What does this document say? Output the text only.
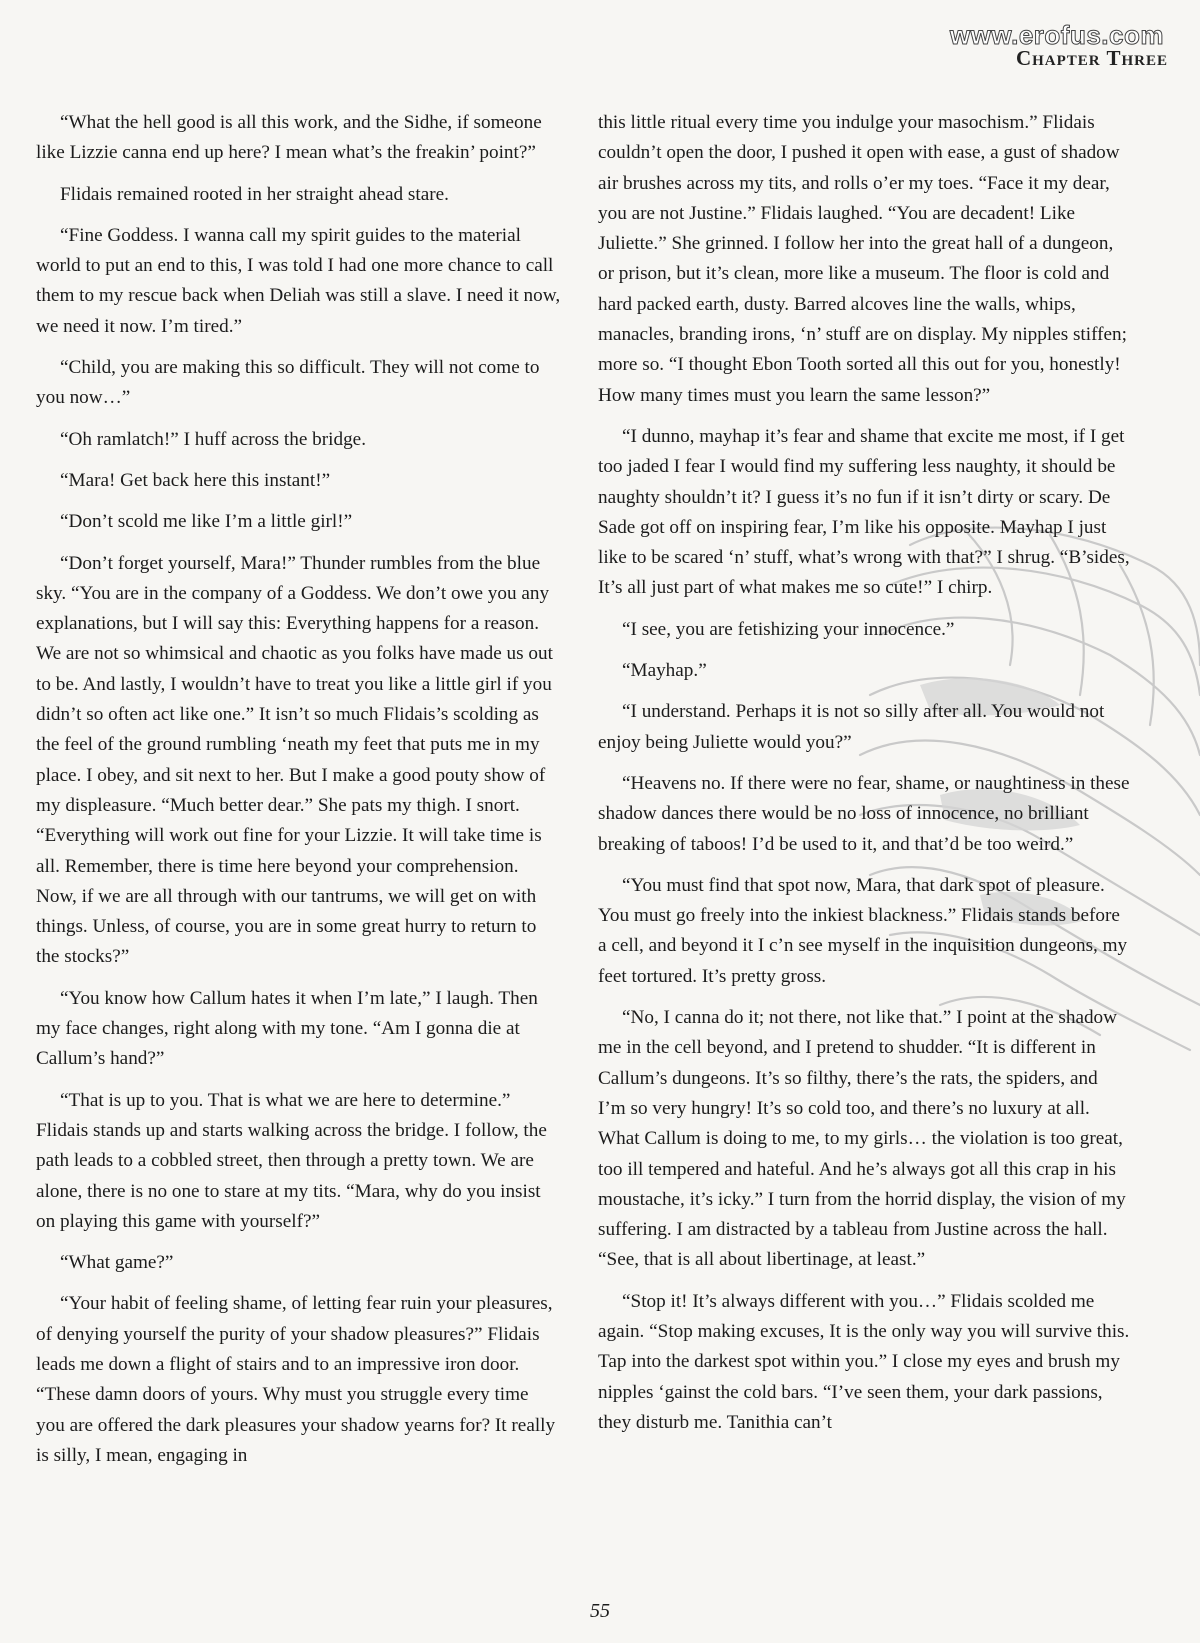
www.erofus.com
Chapter Three

“What the hell good is all this work, and the Sidhe, if someone like Lizzie canna end up here? I mean what’s the freakin’ point?”

Flidais remained rooted in her straight ahead stare.

“Fine Goddess. I wanna call my spirit guides to the material world to put an end to this, I was told I had one more chance to call them to my rescue back when Deliah was still a slave. I need it now, we need it now. I’m tired.”

“Child, you are making this so difficult. They will not come to you now…”

“Oh ramlatch!” I huff across the bridge.

“Mara! Get back here this instant!”

“Don’t scold me like I’m a little girl!”

“Don’t forget yourself, Mara!” Thunder rumbles from the blue sky. “You are in the company of a Goddess. We don’t owe you any explanations, but I will say this: Everything happens for a reason. We are not so whimsical and chaotic as you folks have made us out to be. And lastly, I wouldn’t have to treat you like a little girl if you didn’t so often act like one.” It isn’t so much Flidais’s scolding as the feel of the ground rumbling ‘neath my feet that puts me in my place. I obey, and sit next to her. But I make a good pouty show of my displeasure. “Much better dear.” She pats my thigh. I snort. “Everything will work out fine for your Lizzie. It will take time is all. Remember, there is time here beyond your comprehension. Now, if we are all through with our tantrums, we will get on with things. Unless, of course, you are in some great hurry to return to the stocks?”

“You know how Callum hates it when I’m late,” I laugh. Then my face changes, right along with my tone. “Am I gonna die at Callum’s hand?”

“That is up to you. That is what we are here to determine.” Flidais stands up and starts walking across the bridge. I follow, the path leads to a cobbled street, then through a pretty town. We are alone, there is no one to stare at my tits. “Mara, why do you insist on playing this game with yourself?”

“What game?”

“Your habit of feeling shame, of letting fear ruin your pleasures, of denying yourself the purity of your shadow pleasures?” Flidais leads me down a flight of stairs and to an impressive iron door. “These damn doors of yours. Why must you struggle every time you are offered the dark pleasures your shadow yearns for? It really is silly, I mean, engaging in

this little ritual every time you indulge your masochism.” Flidais couldn’t open the door, I pushed it open with ease, a gust of shadow air brushes across my tits, and rolls o’er my toes. “Face it my dear, you are not Justine.” Flidais laughed. “You are decadent! Like Juliette.” She grinned. I follow her into the great hall of a dungeon, or prison, but it’s clean, more like a museum. The floor is cold and hard packed earth, dusty. Barred alcoves line the walls, whips, manacles, branding irons, ‘n’ stuff are on display. My nipples stiffen; more so. “I thought Ebon Tooth sorted all this out for you, honestly! How many times must you learn the same lesson?”

“I dunno, mayhap it’s fear and shame that excite me most, if I get too jaded I fear I would find my suffering less naughty, it should be naughty shouldn’t it? I guess it’s no fun if it isn’t dirty or scary. De Sade got off on inspiring fear, I’m like his opposite. Mayhap I just like to be scared ‘n’ stuff, what’s wrong with that?” I shrug. “B’sides, It’s all just part of what makes me so cute!” I chirp.

“I see, you are fetishizing your innocence.”

“Mayhap.”

“I understand. Perhaps it is not so silly after all. You would not enjoy being Juliette would you?”

“Heavens no. If there were no fear, shame, or naughtiness in these shadow dances there would be no loss of innocence, no brilliant breaking of taboos! I’d be used to it, and that’d be too weird.”

“You must find that spot now, Mara, that dark spot of pleasure. You must go freely into the inkiest blackness.” Flidais stands before a cell, and beyond it I c’n see myself in the inquisition dungeons, my feet tortured. It’s pretty gross.

“No, I canna do it; not there, not like that.” I point at the shadow me in the cell beyond, and I pretend to shudder. “It is different in Callum’s dungeons. It’s so filthy, there’s the rats, the spiders, and I’m so very hungry! It’s so cold too, and there’s no luxury at all. What Callum is doing to me, to my girls… the violation is too great, too ill tempered and hateful. And he’s always got all this crap in his moustache, it’s icky.” I turn from the horrid display, the vision of my suffering. I am distracted by a tableau from Justine across the hall. “See, that is all about libertinage, at least.”

“Stop it! It’s always different with you…” Flidais scolded me again. “Stop making excuses, It is the only way you will survive this. Tap into the darkest spot within you.” I close my eyes and brush my nipples ‘gainst the cold bars. “I’ve seen them, your dark passions, they disturb me. Tanithia can’t

55
